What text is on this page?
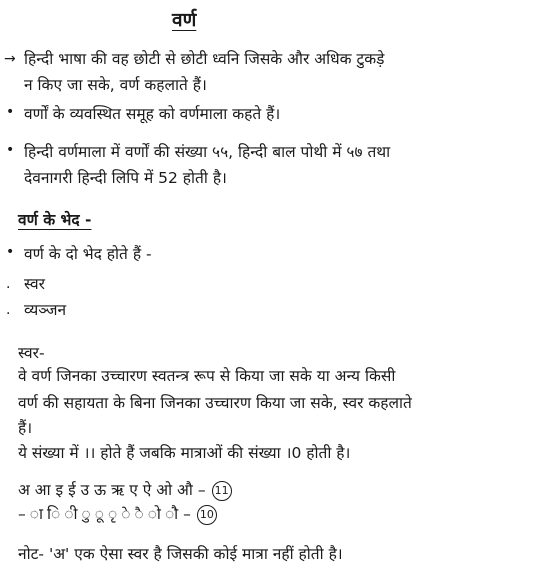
वर्ण
→ हिन्दी भाषा की वह छोटी से छोटी ध्वनि जिसके और अधिक टुकड़े
न किए जा सके, वर्ण कहलाते हैं।
• वर्णों के व्यवस्थित समूह को वर्णमाला कहते हैं।
• हिन्दी वर्णमाला में वर्णों की संख्या ५५, हिन्दी बाल पोथी में ५७ तथा
देवनागरी हिन्दी लिपि में 52 होती है।
वर्ण के भेद -
• वर्ण के दो भेद होते हैं -
. स्वर
. व्यञ्जन
स्वर-
वे वर्ण जिनका उच्चारण स्वतन्त्र रूप से किया जा सके या अन्य किसी
वर्ण की सहायता के बिना जिनका उच्चारण किया जा सके, स्वर कहलाते
हैं।
ये संख्या में ।। होते हैं जबकि मात्राओं की संख्या ।0 होती है।
अ आ इ ई उ ऊ ऋ ए ऐ ओ औ – 11
– ा ि ी ु ू ृ े ै ो ौ – 10
नोट- 'अ' एक ऐसा स्वर है जिसकी कोई मात्रा नहीं होती है।
